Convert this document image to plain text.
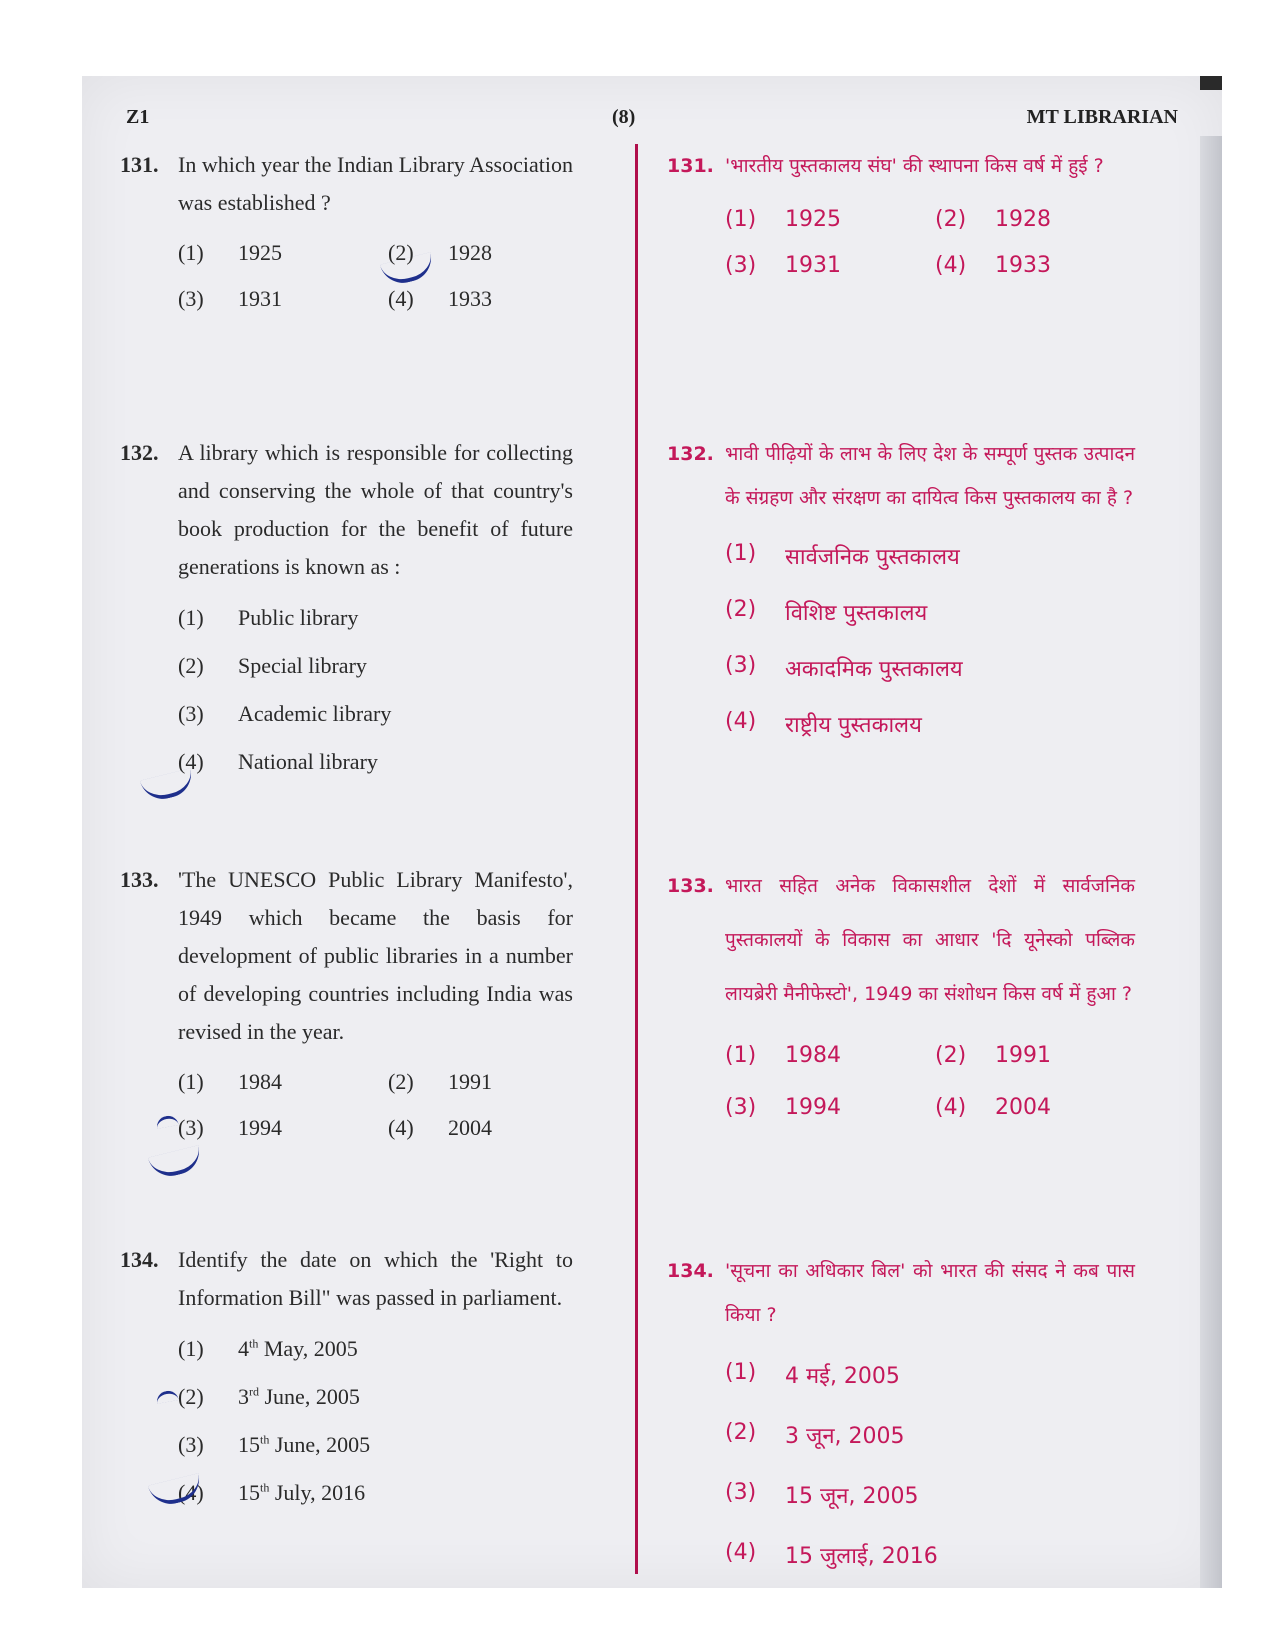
Z1	(8)	MT LIBRARIAN
131. In which year the Indian Library Association was established ?
(1)	1925	(2)	1928
(3)	1931	(4)	1933
132. A library which is responsible for collecting and conserving the whole of that country's book production for the benefit of future generations is known as :
(1)	Public library
(2)	Special library
(3)	Academic library
(4)	National library
133. 'The UNESCO Public Library Manifesto', 1949 which became the basis for development of public libraries in a number of developing countries including India was revised in the year.
(1)	1984	(2)	1991
(3)	1994	(4)	2004
134. Identify the date on which the 'Right to Information Bill" was passed in parliament.
(1)	4th May, 2005
(2)	3rd June, 2005
(3)	15th June, 2005
(4)	15th July, 2016
131. 'भारतीय पुस्तकालय संघ' की स्थापना किस वर्ष में हुई ?
(1)	1925	(2)	1928
(3)	1931	(4)	1933
132. भावी पीढ़ियों के लाभ के लिए देश के सम्पूर्ण पुस्तक उत्पादन के संग्रहण और संरक्षण का दायित्व किस पुस्तकालय का है ?
(1)	सार्वजनिक पुस्तकालय
(2)	विशिष्ट पुस्तकालय
(3)	अकादमिक पुस्तकालय
(4)	राष्ट्रीय पुस्तकालय
133. भारत सहित अनेक विकासशील देशों में सार्वजनिक पुस्तकालयों के विकास का आधार 'दि यूनेस्को पब्लिक लायब्रेरी मैनीफेस्टो', 1949 का संशोधन किस वर्ष में हुआ ?
(1)	1984	(2)	1991
(3)	1994	(4)	2004
134. 'सूचना का अधिकार बिल' को भारत की संसद ने कब पास किया ?
(1)	4 मई, 2005
(2)	3 जून, 2005
(3)	15 जून, 2005
(4)	15 जुलाई, 2016
